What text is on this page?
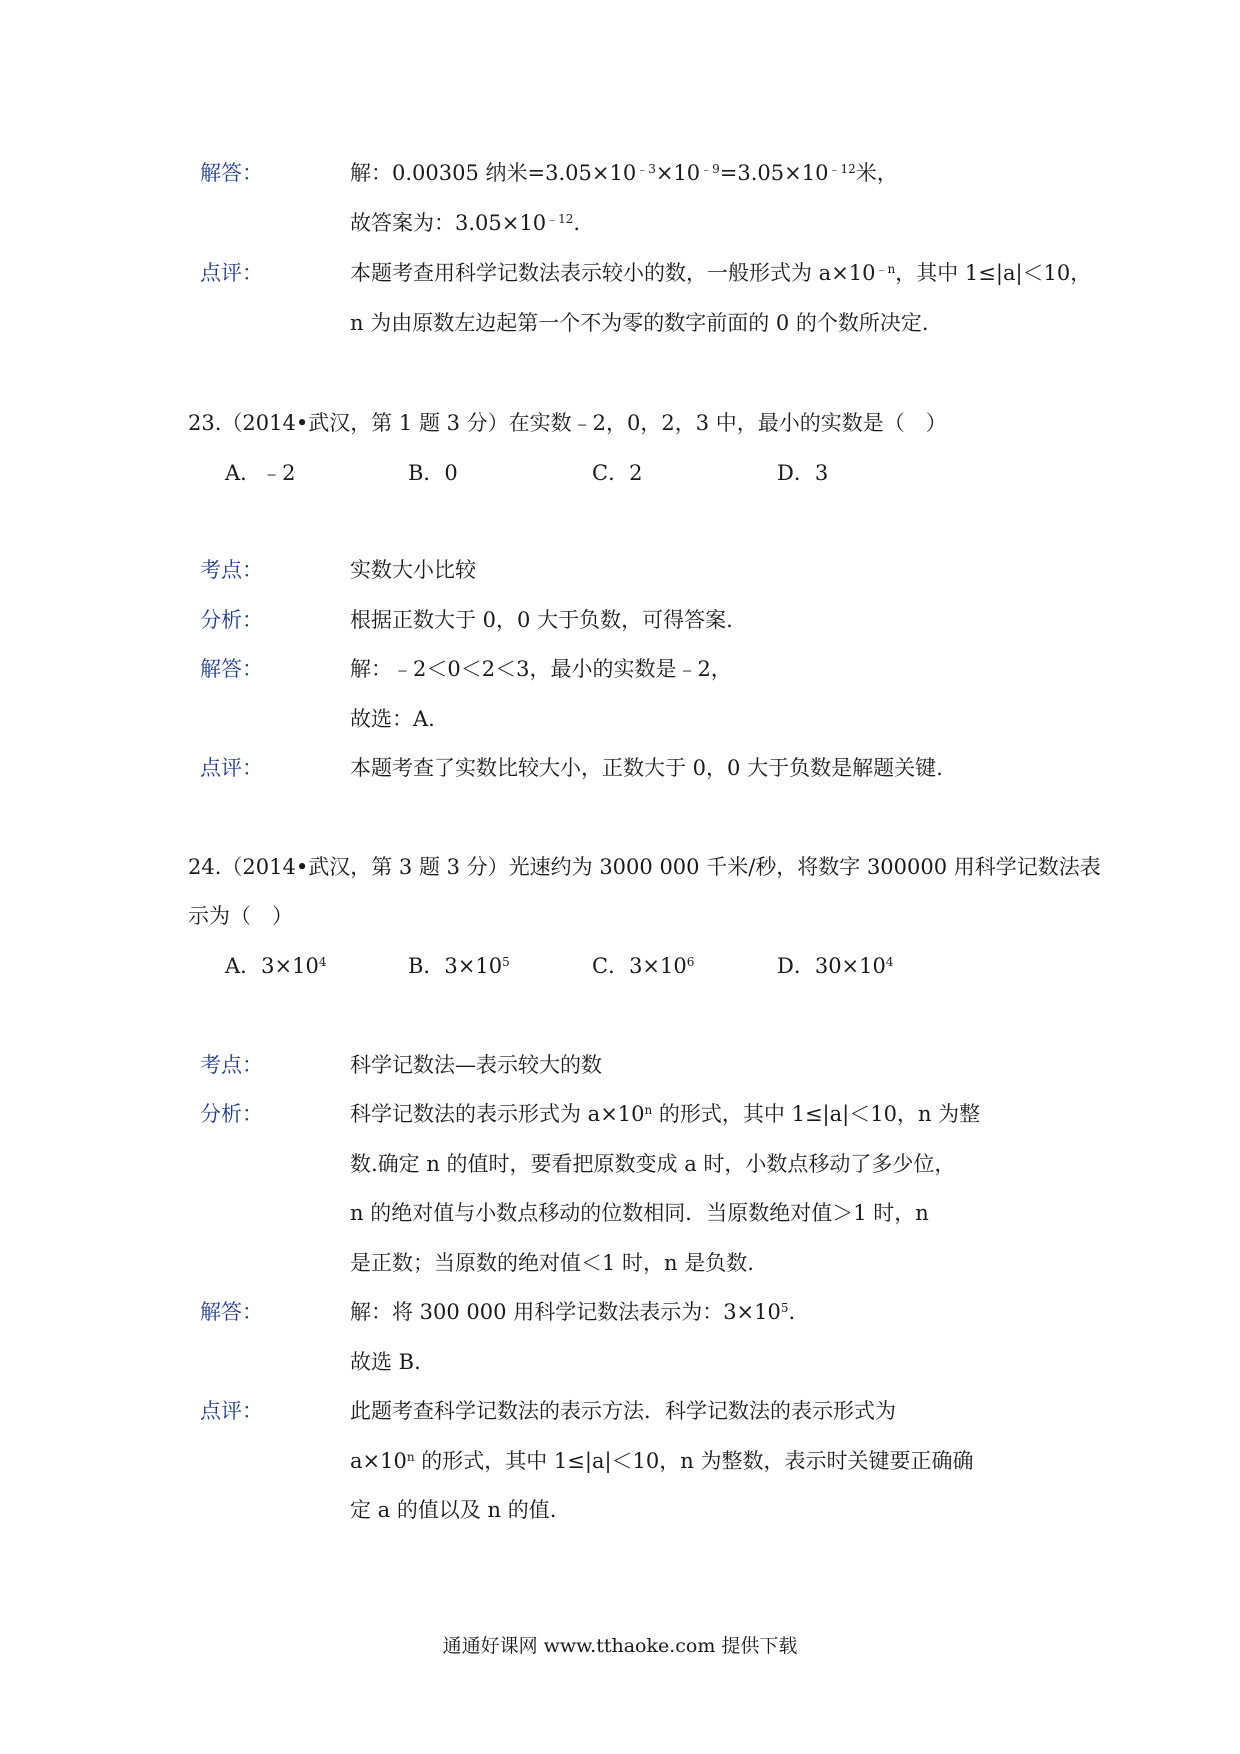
解答：	解：0.00305 纳米$=3.05\times 10^{﹣3}\times 10^{﹣9}=3.05\times 10^{﹣12}$米，
故答案为：$3.05\times 10^{﹣12}$.
点评：	本题考查用科学记数法表示较小的数，一般形式为 $a\times 10^{﹣n}$，其中 1≤|a|＜10，
n 为由原数左边起第一个不为零的数字前面的 0 的个数所决定.
23.（2014•武汉，第 1 题 3 分）在实数﹣2，0，2，3 中，最小的实数是（　）
A．﹣2	B．0	C．2	D．3
考点：	实数大小比较
分析：	根据正数大于 0，0 大于负数，可得答案.
解答：	解：﹣2＜0＜2＜3，最小的实数是﹣2，
故选：A.
点评：	本题考查了实数比较大小，正数大于 0，0 大于负数是解题关键.
24.（2014•武汉，第 3 题 3 分）光速约为 3000 000 千米/秒，将数字 300000 用科学记数法表
示为（　）
A．$3\times 10^4$	B．$3\times 10^5$	C．$3\times 10^6$	D．$30\times 10^4$
考点：	科学记数法—表示较大的数
分析：	科学记数法的表示形式为 $a\times 10^n$ 的形式，其中 1≤|a|＜10，n 为整
数.确定 n 的值时，要看把原数变成 a 时，小数点移动了多少位，
n 的绝对值与小数点移动的位数相同．当原数绝对值＞1 时，n
是正数；当原数的绝对值＜1 时，n 是负数.
解答：	解：将 300 000 用科学记数法表示为：$3\times 10^5$.
故选 B.
点评：	此题考查科学记数法的表示方法．科学记数法的表示形式为
$a\times 10^n$ 的形式，其中 1≤|a|＜10，n 为整数，表示时关键要正确确
定 a 的值以及 n 的值.
通通好课网 www.tthaoke.com 提供下载
